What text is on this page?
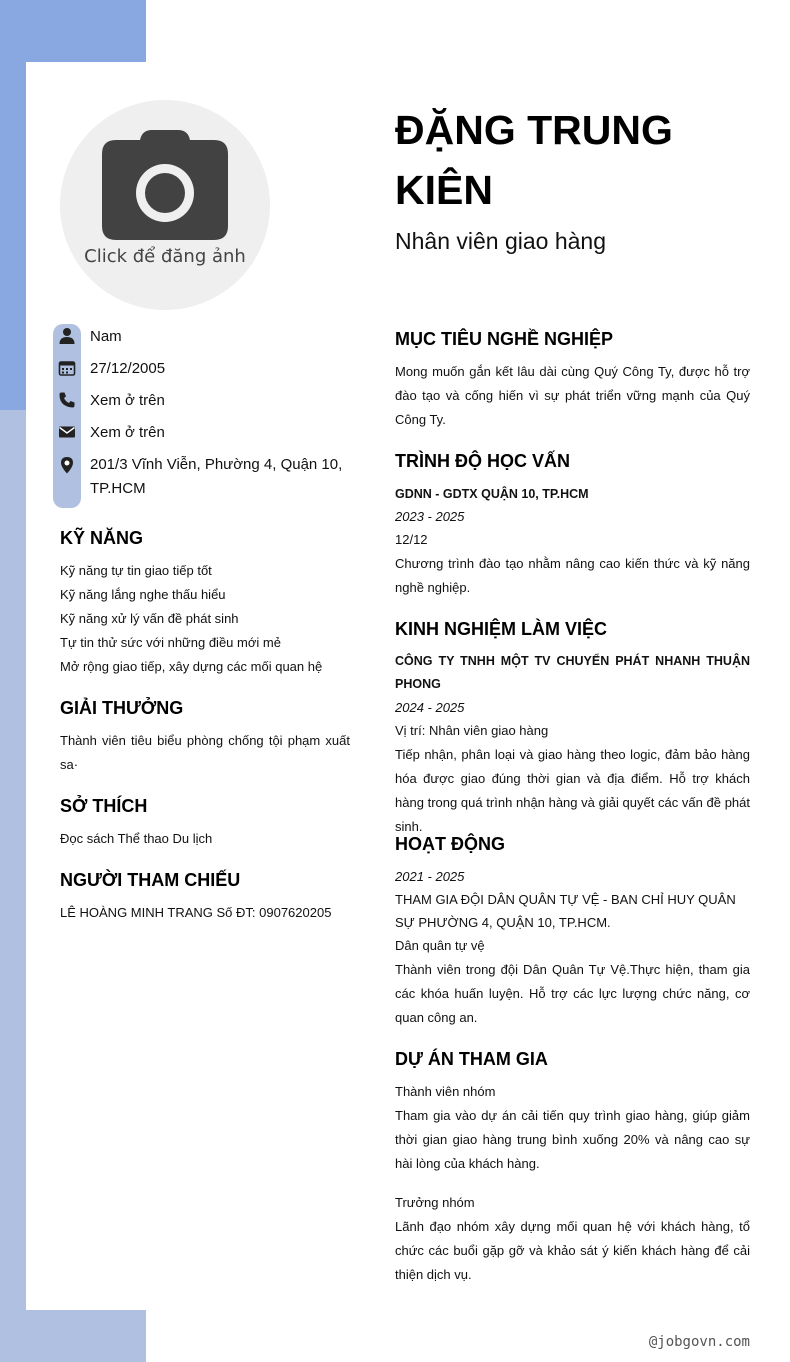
Click để đăng ảnh
ĐẶNG TRUNG KIÊN
Nhân viên giao hàng
Nam
27/12/2005
Xem ở trên
Xem ở trên
201/3 Vĩnh Viễn, Phường 4, Quận 10, TP.HCM
KỸ NĂNG
Kỹ năng tự tin giao tiếp tốt
Kỹ năng lắng nghe thấu hiểu
Kỹ năng xử lý vấn đề phát sinh
Tự tin thử sức với những điều mới mẻ
Mở rộng giao tiếp, xây dựng các mối quan hệ
GIẢI THƯỞNG
Thành viên tiêu biểu phòng chống tội phạm xuất sa·
SỞ THÍCH
Đọc sách Thể thao Du lịch
NGƯỜI THAM CHIẾU
LÊ HOÀNG MINH TRANG Số ĐT: 0907620205
MỤC TIÊU NGHỀ NGHIỆP
Mong muốn gắn kết lâu dài cùng Quý Công Ty, được hỗ trợ đào tạo và cống hiến vì sự phát triển vững mạnh của Quý Công Ty.
TRÌNH ĐỘ HỌC VẤN
GDNN - GDTX QUẬN 10, TP.HCM
2023 - 2025
12/12
Chương trình đào tạo nhằm nâng cao kiến thức và kỹ năng nghề nghiệp.
KINH NGHIỆM LÀM VIỆC
CÔNG TY TNHH MỘT TV CHUYỂN PHÁT NHANH THUẬN PHONG
2024 - 2025
Vị trí: Nhân viên giao hàng
Tiếp nhận, phân loại và giao hàng theo logic, đảm bảo hàng hóa được giao đúng thời gian và địa điểm. Hỗ trợ khách hàng trong quá trình nhận hàng và giải quyết các vấn đề phát sinh.
HOẠT ĐỘNG
2021 - 2025
THAM GIA ĐỘI DÂN QUÂN TỰ VỆ - BAN CHỈ HUY QUÂN SỰ PHƯỜNG 4, QUẬN 10, TP.HCM.
Dân quân tự vệ
Thành viên trong đội Dân Quân Tự Vệ.Thực hiện, tham gia các khóa huấn luyện. Hỗ trợ các lực lượng chức năng, cơ quan công an.
DỰ ÁN THAM GIA
Thành viên nhóm
Tham gia vào dự án cải tiến quy trình giao hàng, giúp giảm thời gian giao hàng trung bình xuống 20% và nâng cao sự hài lòng của khách hàng.
Trưởng nhóm
Lãnh đạo nhóm xây dựng mối quan hệ với khách hàng, tổ chức các buổi gặp gỡ và khảo sát ý kiến khách hàng để cải thiện dịch vụ.
@jobgovn.com
